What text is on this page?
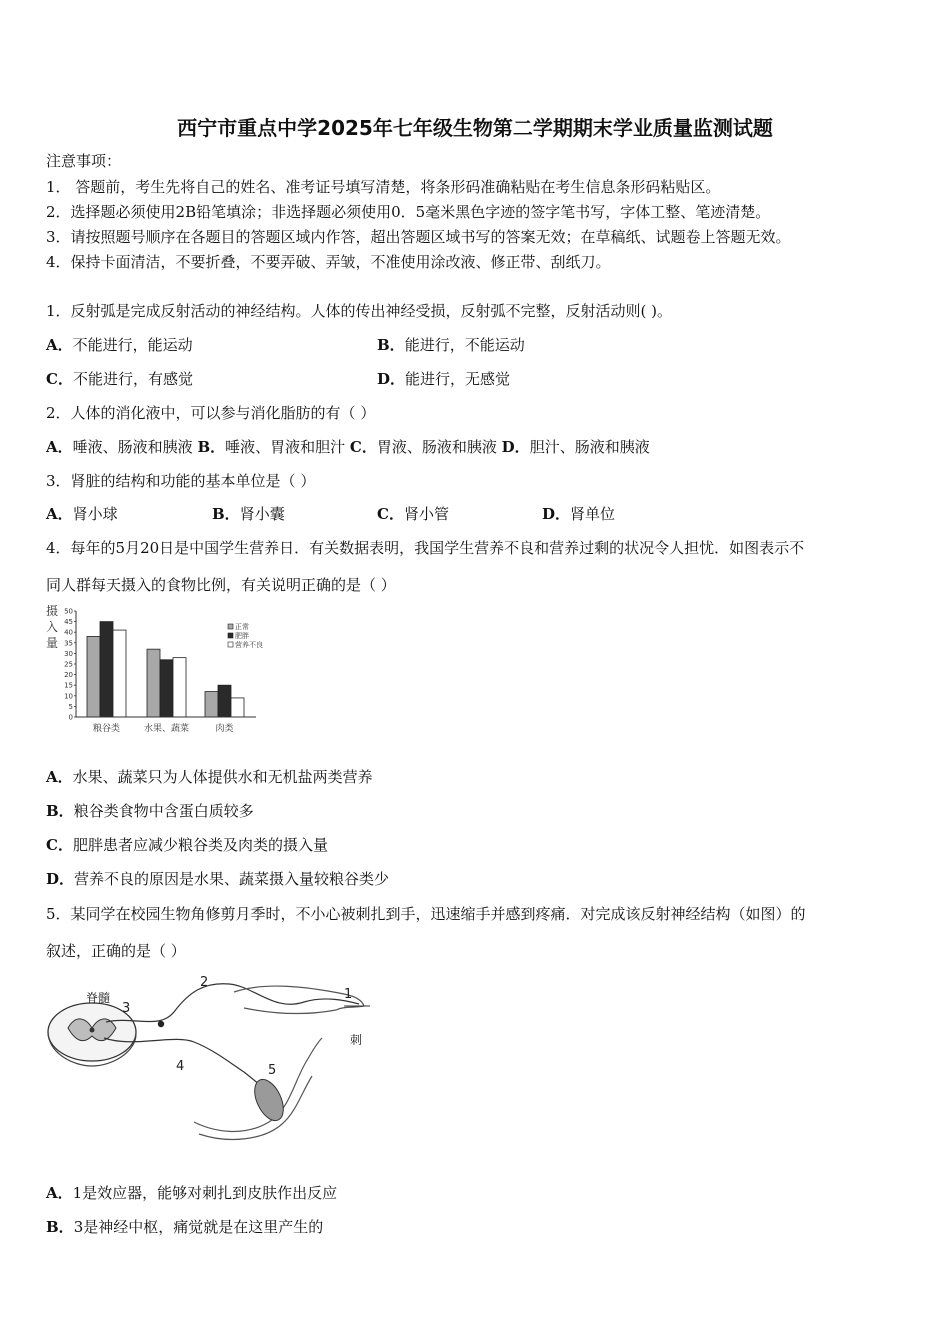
西宁市重点中学2025年七年级生物第二学期期末学业质量监测试题
注意事项：
1． 答题前，考生先将自己的姓名、准考证号填写清楚，将条形码准确粘贴在考生信息条形码粘贴区。
2．选择题必须使用2B铅笔填涂；非选择题必须使用0．5毫米黑色字迹的签字笔书写，字体工整、笔迹清楚。
3．请按照题号顺序在各题目的答题区域内作答，超出答题区域书写的答案无效；在草稿纸、试题卷上答题无效。
4．保持卡面清洁，不要折叠，不要弄破、弄皱，不准使用涂改液、修正带、刮纸刀。
1．反射弧是完成反射活动的神经结构。人体的传出神经受损，反射弧不完整，反射活动则( )。
A．不能进行，能运动	B．能进行，不能运动
C．不能进行，有感觉	D．能进行，无感觉
2．人体的消化液中，可以参与消化脂肪的有（ ）
A．唾液、肠液和胰液 B．唾液、胃液和胆汁 C．胃液、肠液和胰液 D．胆汁、肠液和胰液
3．肾脏的结构和功能的基本单位是（ ）
A．肾小球	B．肾小囊	C．肾小管	D．肾单位
4．每年的5月20日是中国学生营养日．有关数据表明，我国学生营养不良和营养过剩的状况令人担忧．如图表示不
同人群每天摄入的食物比例，有关说明正确的是（ ）
摄
入
量
0
5
10
15
20
25
30
35
40
45
50
粮谷类	水果、蔬菜	肉类
正常
肥胖
营养不良
A．水果、蔬菜只为人体提供水和无机盐两类营养
B．粮谷类食物中含蛋白质较多
C．肥胖患者应减少粮谷类及肉类的摄入量
D．营养不良的原因是水果、蔬菜摄入量较粮谷类少
5．某同学在校园生物角修剪月季时，不小心被刺扎到手，迅速缩手并感到疼痛．对完成该反射神经结构（如图）的
叙述，正确的是（ ）
脊髓
刺
1
2
3
4	5
A．1是效应器，能够对刺扎到皮肤作出反应
B．3是神经中枢，痛觉就是在这里产生的
